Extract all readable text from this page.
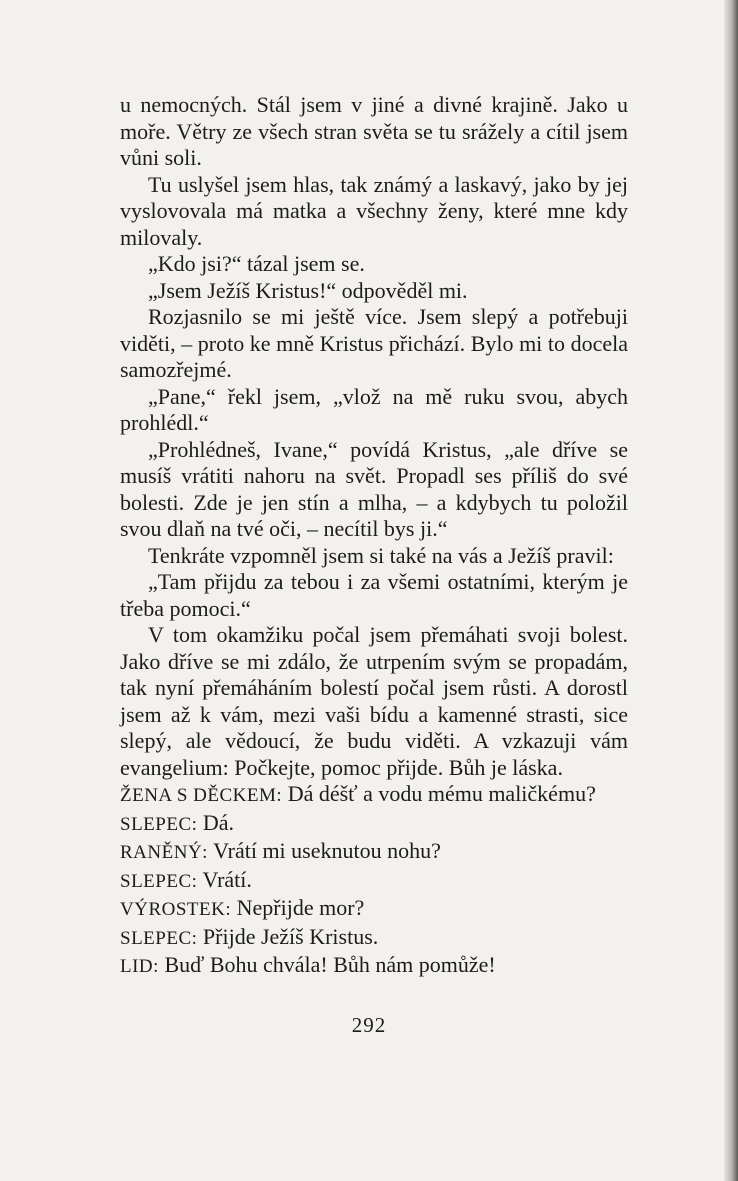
u nemocných. Stál jsem v jiné a divné krajině. Jako u moře. Větry ze všech stran světa se tu srážely a cítil jsem vůni soli.

Tu uslyšel jsem hlas, tak známý a laskavý, jako by jej vyslovovala má matka a všechny ženy, které mne kdy milovaly.

„Kdo jsi?“ tázal jsem se.

„Jsem Ježíš Kristus!“ odpověděl mi.

Rozjasnilo se mi ještě více. Jsem slepý a potřebuji viděti, – proto ke mně Kristus přichází. Bylo mi to docela samozřejmé.

„Pane,“ řekl jsem, „vlož na mě ruku svou, abych prohlédl.“

„Prohlédneš, Ivane,“ povídá Kristus, „ale dříve se musíš vrátiti nahoru na svět. Propadl ses příliš do své bolesti. Zde je jen stín a mlha, – a kdybych tu položil svou dlaň na tvé oči, – necítil bys ji.“

Tenkráte vzpomněl jsem si také na vás a Ježíš pravil:

„Tam přijdu za tebou i za všemi ostatními, kterým je třeba pomoci.“

V tom okamžiku počal jsem přemáhati svoji bolest. Jako dříve se mi zdálo, že utrpením svým se propadám, tak nyní přemáháním bolestí počal jsem růsti. A dorostl jsem až k vám, mezi vaši bídu a kamenné strasti, sice slepý, ale vědoucí, že budu viděti. A vzkazuji vám evangelium: Počkejte, pomoc přijde. Bůh je láska.

ŽENA S DĚCKEM: Dá déšť a vodu mému maličkému?

SLEPEC: Dá.

RANĚNÝ: Vrátí mi useknutou nohu?

SLEPEC: Vrátí.

VÝROSTEK: Nepřijde mor?

SLEPEC: Přijde Ježíš Kristus.

LID: Buď Bohu chvála! Bůh nám pomůže!

292
